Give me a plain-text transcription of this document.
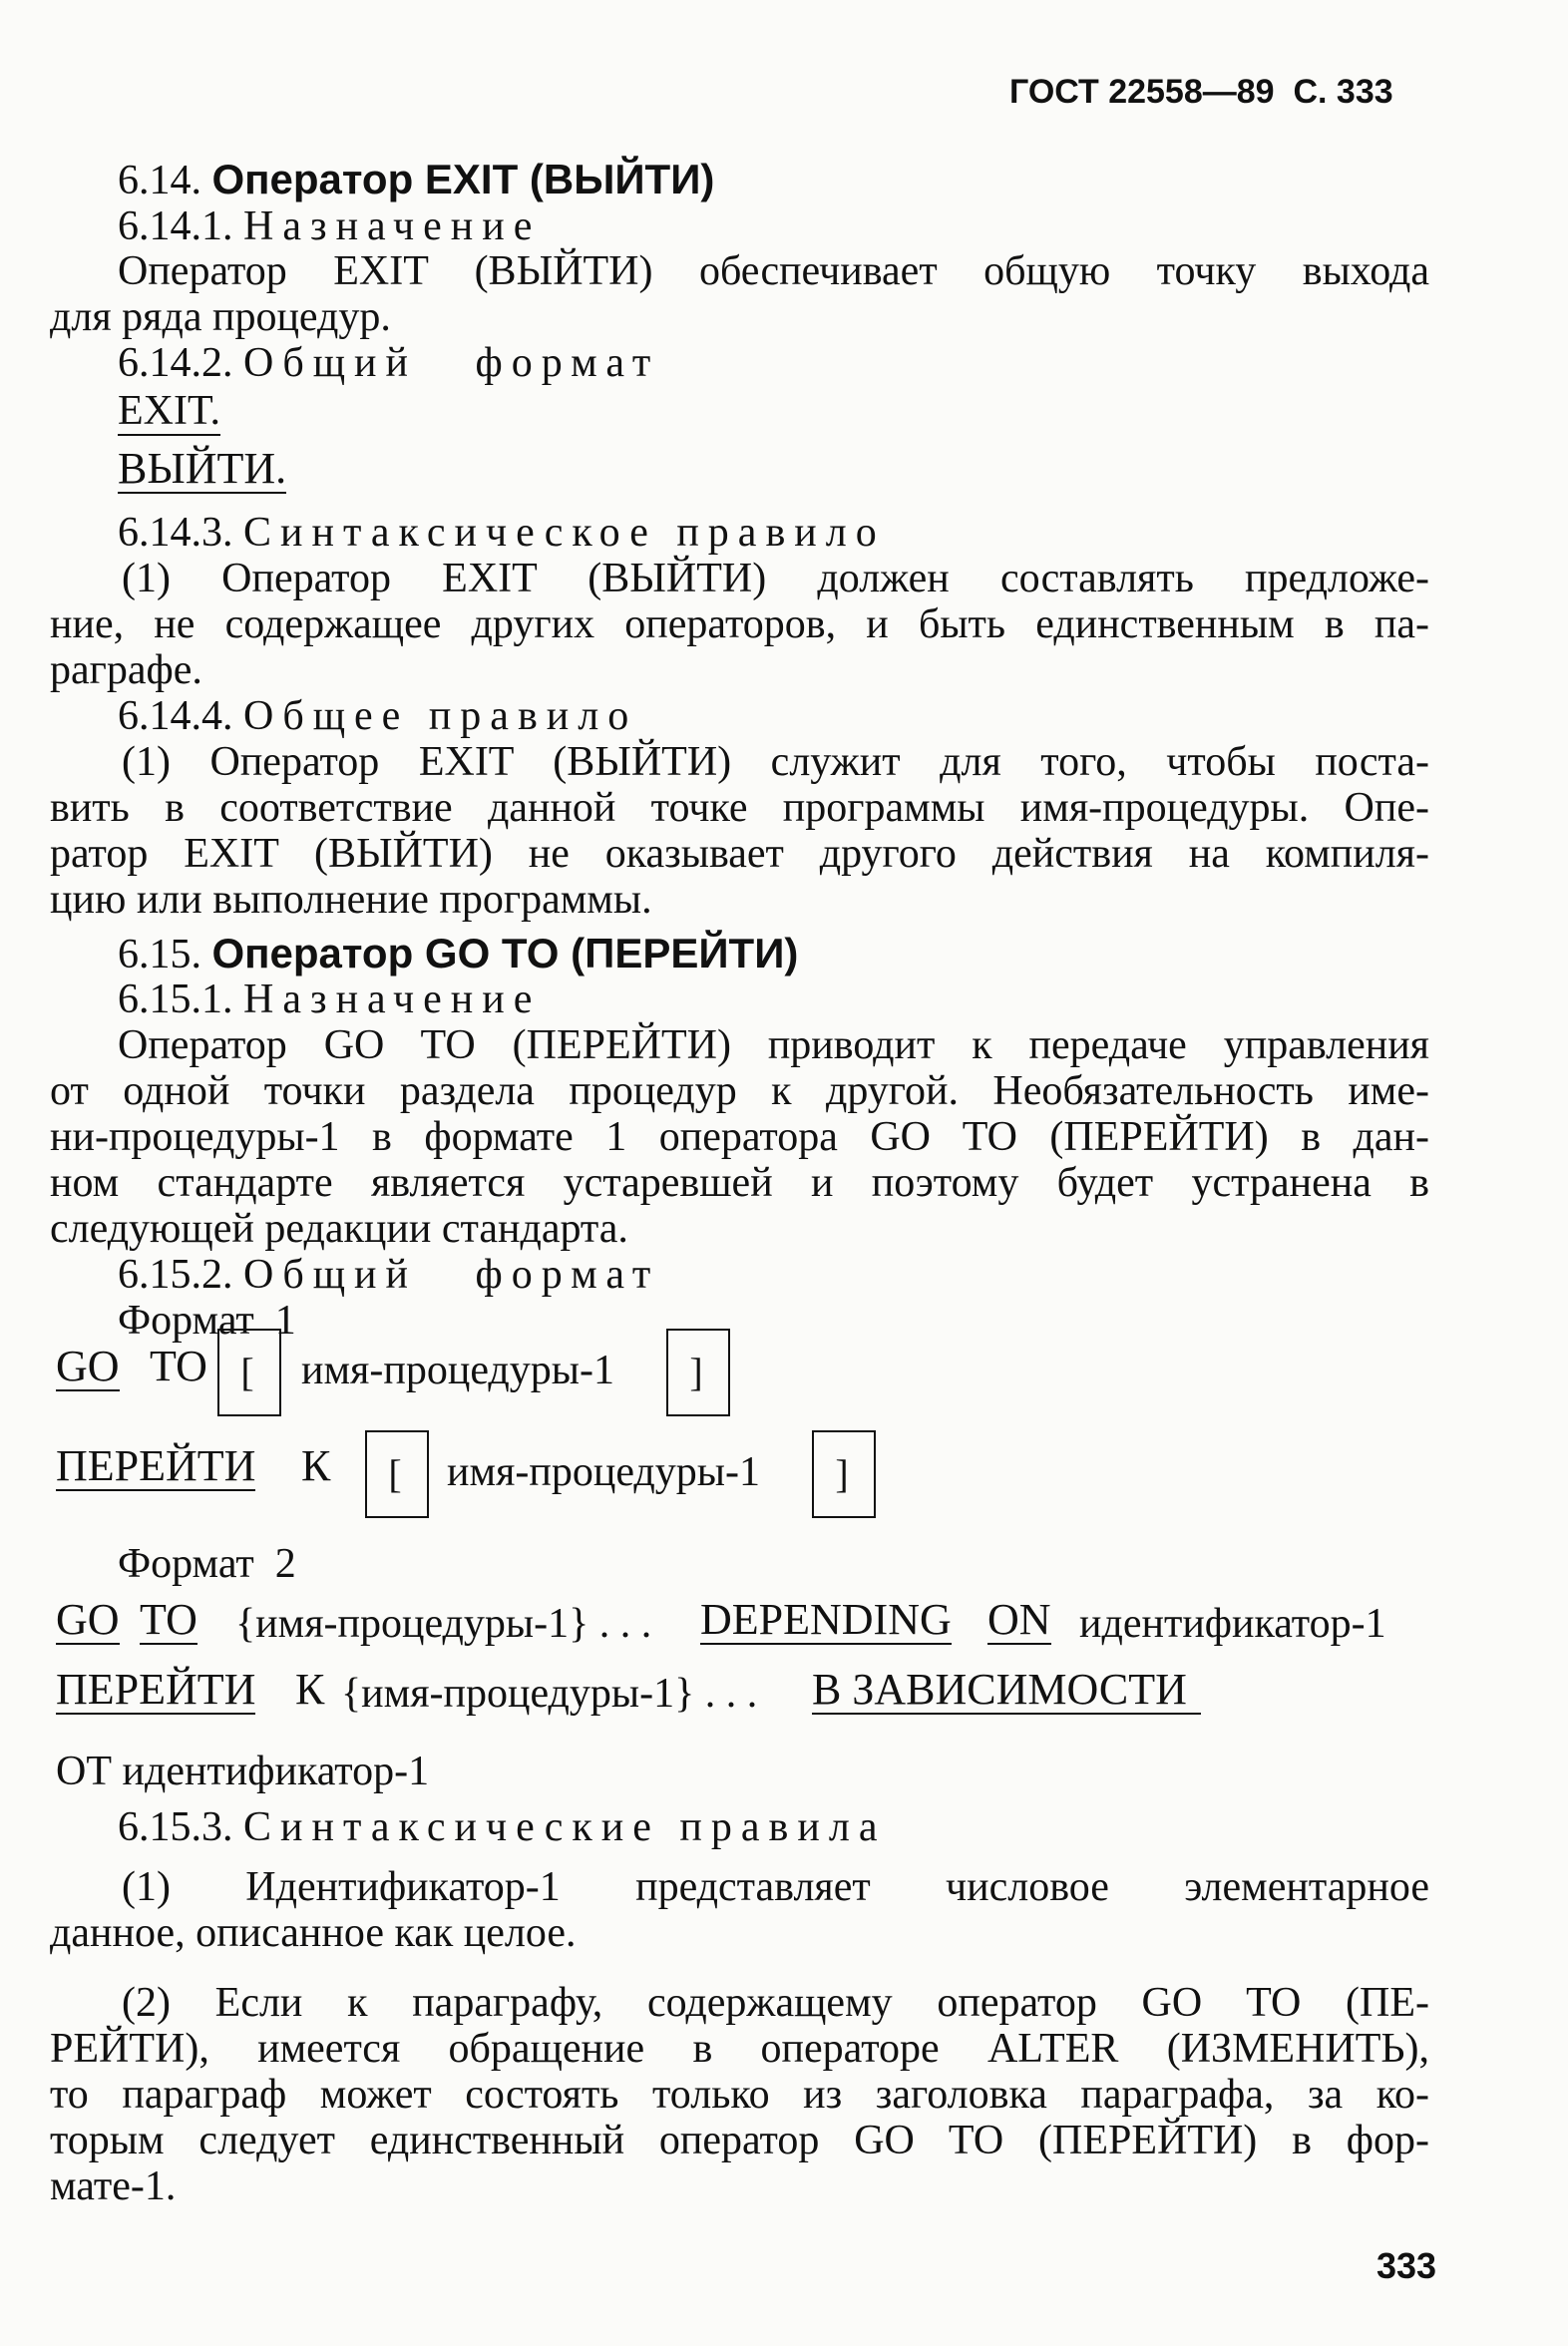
ГОСТ 22558—89 С. 333
6.14. Оператор EXIT (ВЫЙТИ)
6.14.1. Назначение
Оператор EXIT (ВЫЙТИ) обеспечивает общую точку выхода
для ряда процедур.
6.14.2. Общий   формат
EXIT.
ВЫЙТИ.
6.14.3. Синтаксическое правило
(1) Оператор EXIT (ВЫЙТИ) должен составлять предложе-
ние, не содержащее других операторов, и быть единственным в па-
раграфе.
6.14.4. Общее правило
(1) Оператор EXIT (ВЫЙТИ) служит для того, чтобы поста-
вить в соответствие данной точке программы имя-процедуры. Опе-
ратор EXIT (ВЫЙТИ) не оказывает другого действия на компиля-
цию или выполнение программы.
6.15. Оператор GO TO (ПЕРЕЙТИ)
6.15.1. Назначение
Оператор GO TO (ПЕРЕЙТИ) приводит к передаче управления
от одной точки раздела процедур к другой. Необязательность име-
ни-процедуры-1 в формате 1 оператора GO TO (ПЕРЕЙТИ) в дан-
ном стандарте является устаревшей и поэтому будет устранена в
следующей редакции стандарта.
6.15.2. Общий   формат
Формат  1
GO TO [	имя-процедуры-1	]
ПЕРЕЙТИ К	[	имя-процедуры-1	]
Формат  2
GO TO {имя-процедуры-1} . . . DEPENDING ON идентификатор-1
ПЕРЕЙТИ К {имя-процедуры-1} . . . В ЗАВИСИМОСТИ
ОТ идентификатор-1
6.15.3. Синтаксические правила
(1) Идентификатор-1 представляет числовое элементарное
данное, описанное как целое.
(2) Если к параграфу, содержащему оператор GO TO (ПЕ-
РЕЙТИ), имеется обращение в операторе ALTER (ИЗМЕНИТЬ),
то параграф может состоять только из заголовка параграфа, за ко-
торым следует единственный оператор GO TO (ПЕРЕЙТИ) в фор-
мате-1.
333
